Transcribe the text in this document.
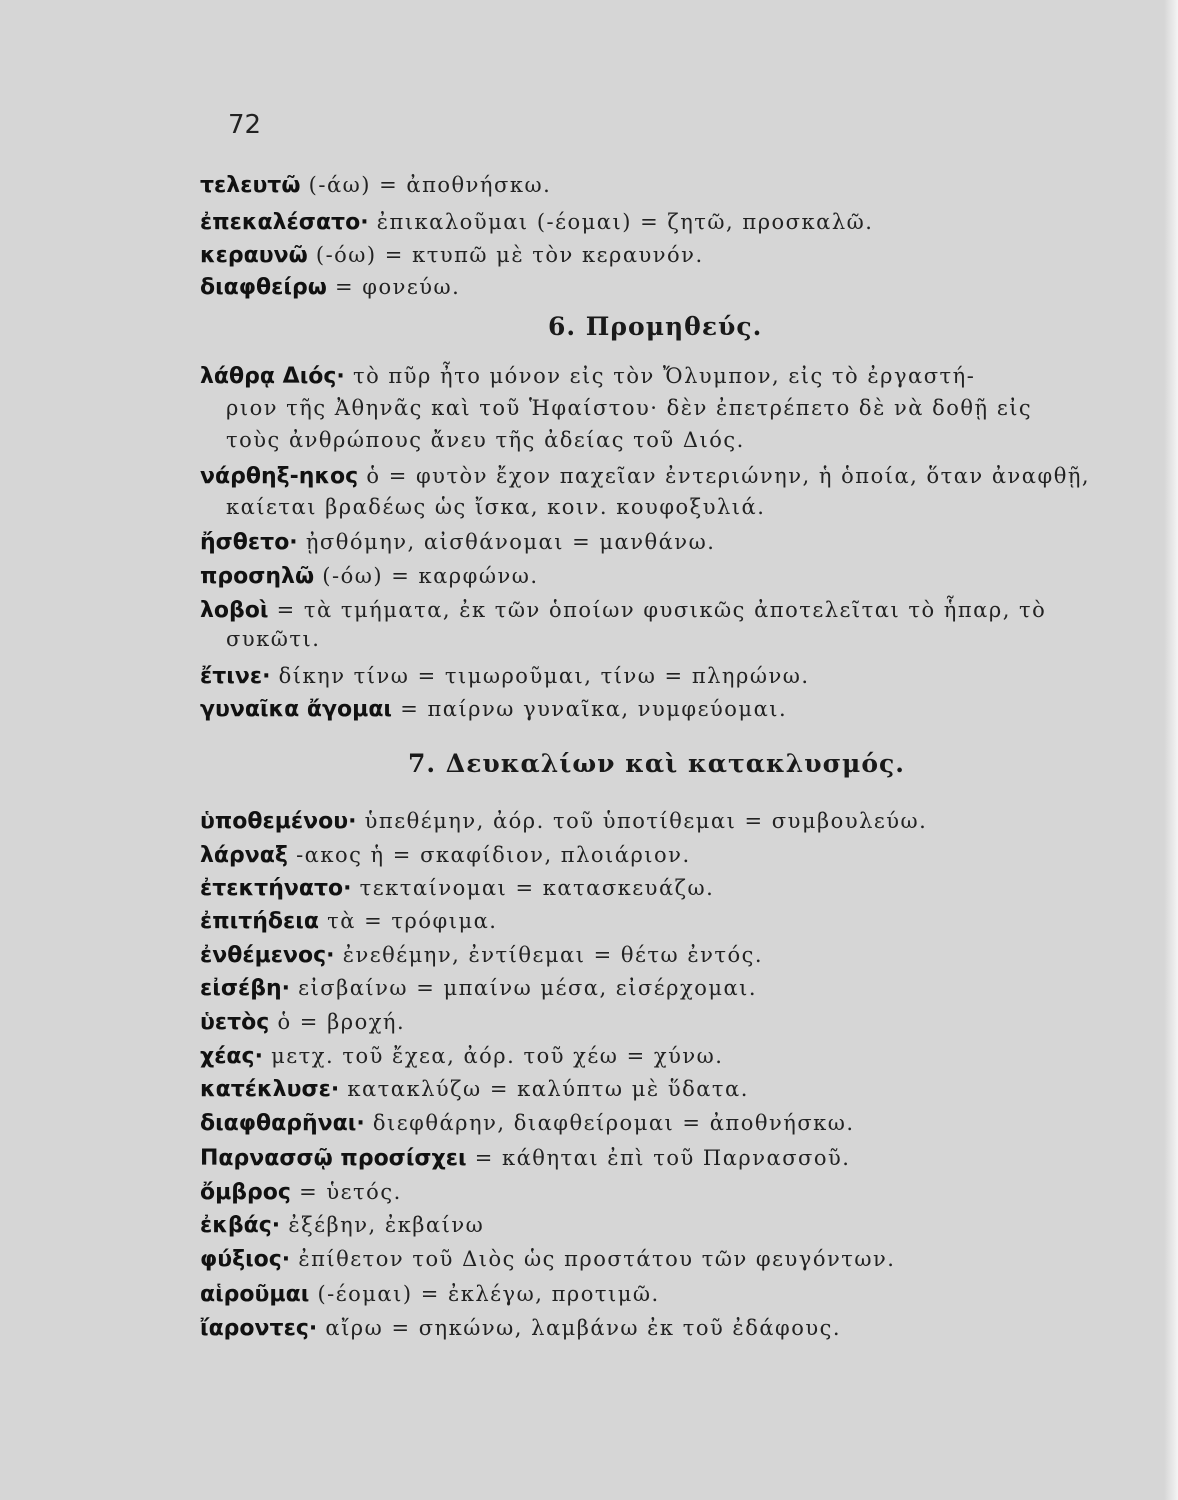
72
τελευτῶ (-άω) = ἀποθνήσκω.
ἐπεκαλέσατο· ἐπικαλοῦμαι (-έομαι) = ζητῶ, προσκαλῶ.
κεραυνῶ (-όω) = κτυπῶ μὲ τὸν κεραυνόν.
διαφθείρω = φονεύω.
6. Προμηθεύς.
λάθρᾳ Διός· τὸ πῦρ ἦτο μόνον εἰς τὸν Ὄλυμπον, εἰς τὸ ἐργαστή-
ριον τῆς Ἀθηνᾶς καὶ τοῦ Ἡφαίστου· δὲν ἐπετρέπετο δὲ νὰ δοθῇ εἰς
τοὺς ἀνθρώπους ἄνευ τῆς ἀδείας τοῦ Διός.
νάρθηξ-ηκος ὁ = φυτὸν ἔχον παχεῖαν ἐντεριώνην, ἡ ὁποία, ὅταν ἀναφθῇ,
καίεται βραδέως ὡς ἴσκα, κοιν. κουφοξυλιά.
ἤσθετο· ᾐσθόμην, αἰσθάνομαι = μανθάνω.
προσηλῶ (-όω) = καρφώνω.
λοβοὶ = τὰ τμήματα, ἐκ τῶν ὁποίων φυσικῶς ἀποτελεῖται τὸ ἧπαρ, τὸ
συκῶτι.
ἔτινε· δίκην τίνω = τιμωροῦμαι, τίνω = πληρώνω.
γυναῖκα ἄγομαι = παίρνω γυναῖκα, νυμφεύομαι.
7. Δευκαλίων καὶ κατακλυσμός.
ὑποθεμένου· ὑπεθέμην, ἀόρ. τοῦ ὑποτίθεμαι = συμβουλεύω.
λάρναξ -ακος ἡ = σκαφίδιον, πλοιάριον.
ἐτεκτήνατο· τεκταίνομαι = κατασκευάζω.
ἐπιτήδεια τὰ = τρόφιμα.
ἐνθέμενος· ἐνεθέμην, ἐντίθεμαι = θέτω ἐντός.
εἰσέβη· εἰσβαίνω = μπαίνω μέσα, εἰσέρχομαι.
ὑετὸς ὁ = βροχή.
χέας· μετχ. τοῦ ἔχεα, ἀόρ. τοῦ χέω = χύνω.
κατέκλυσε· κατακλύζω = καλύπτω μὲ ὕδατα.
διαφθαρῆναι· διεφθάρην, διαφθείρομαι = ἀποθνήσκω.
Παρνασσῷ προσίσχει = κάθηται ἐπὶ τοῦ Παρνασσοῦ.
ὄμβρος = ὑετός.
ἐκβάς· ἐξέβην, ἐκβαίνω
φύξιος· ἐπίθετον τοῦ Διὸς ὡς προστάτου τῶν φευγόντων.
αἱροῦμαι (-έομαι) = ἐκλέγω, προτιμῶ.
ἴαροντες· αἴρω = σηκώνω, λαμβάνω ἐκ τοῦ ἐδάφους.
